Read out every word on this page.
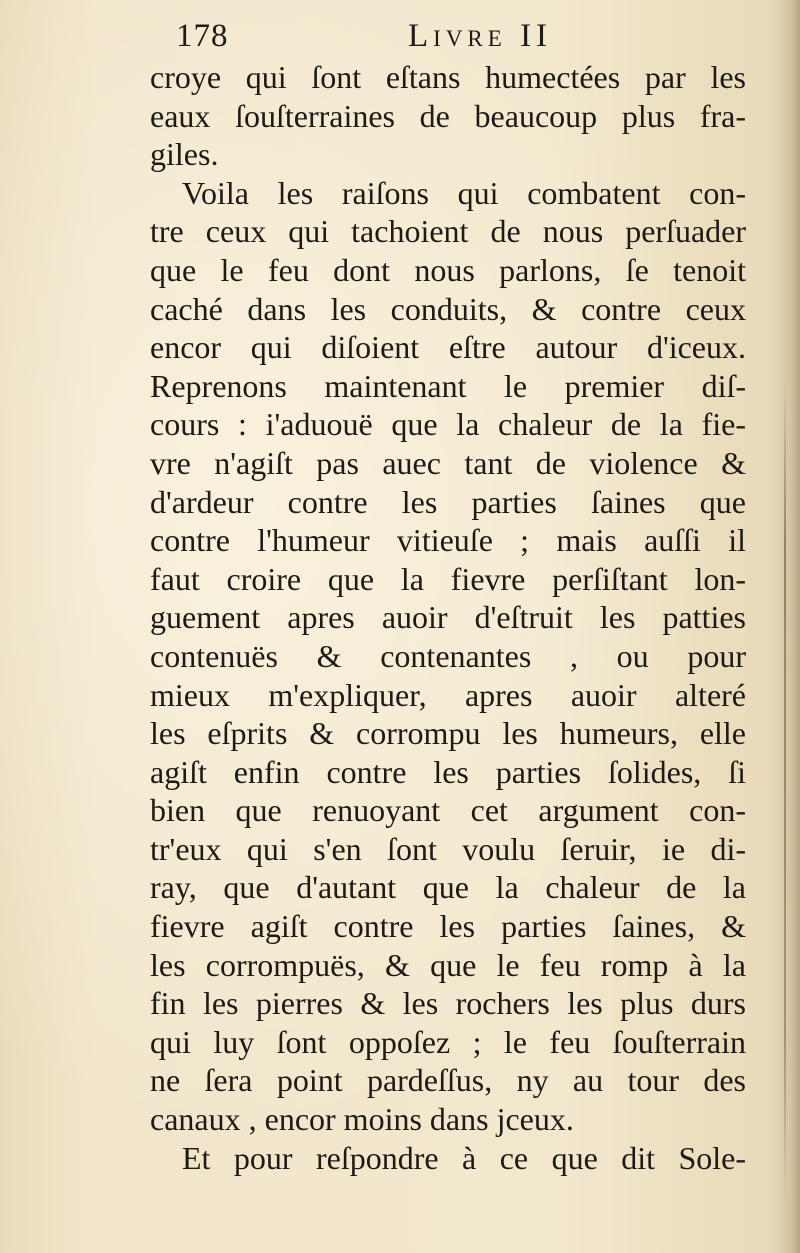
178	Livre II
croye qui ſont eſtans humectées par les
eaux ſouſterraines de beaucoup plus fra-
giles.
Voila les raiſons qui combatent con-
tre ceux qui tachoient de nous perſuader
que le feu dont nous parlons, ſe tenoit
caché dans les conduits, & contre ceux
encor qui diſoient eſtre autour d'iceux.
Reprenons maintenant le premier diſ-
cours : i'aduouë que la chaleur de la fie-
vre n'agiſt pas auec tant de violence &
d'ardeur contre les parties ſaines que
contre l'humeur vitieuſe ; mais auſſi il
faut croire que la fievre perſiſtant lon-
guement apres auoir d'eſtruit les patties
contenuës & contenantes , ou pour
mieux m'expliquer, apres auoir alteré
les eſprits & corrompu les humeurs, elle
agiſt enfin contre les parties ſolides, ſi
bien que renuoyant cet argument con-
tr'eux qui s'en ſont voulu ſeruir, ie di-
ray, que d'autant que la chaleur de la
fievre agiſt contre les parties ſaines, &
les corrompuës, & que le feu romp à la
fin les pierres & les rochers les plus durs
qui luy ſont oppoſez ; le feu ſouſterrain
ne ſera point pardeſſus, ny au tour des
canaux , encor moins dans jceux.
Et pour reſpondre à ce que dit Sole-
